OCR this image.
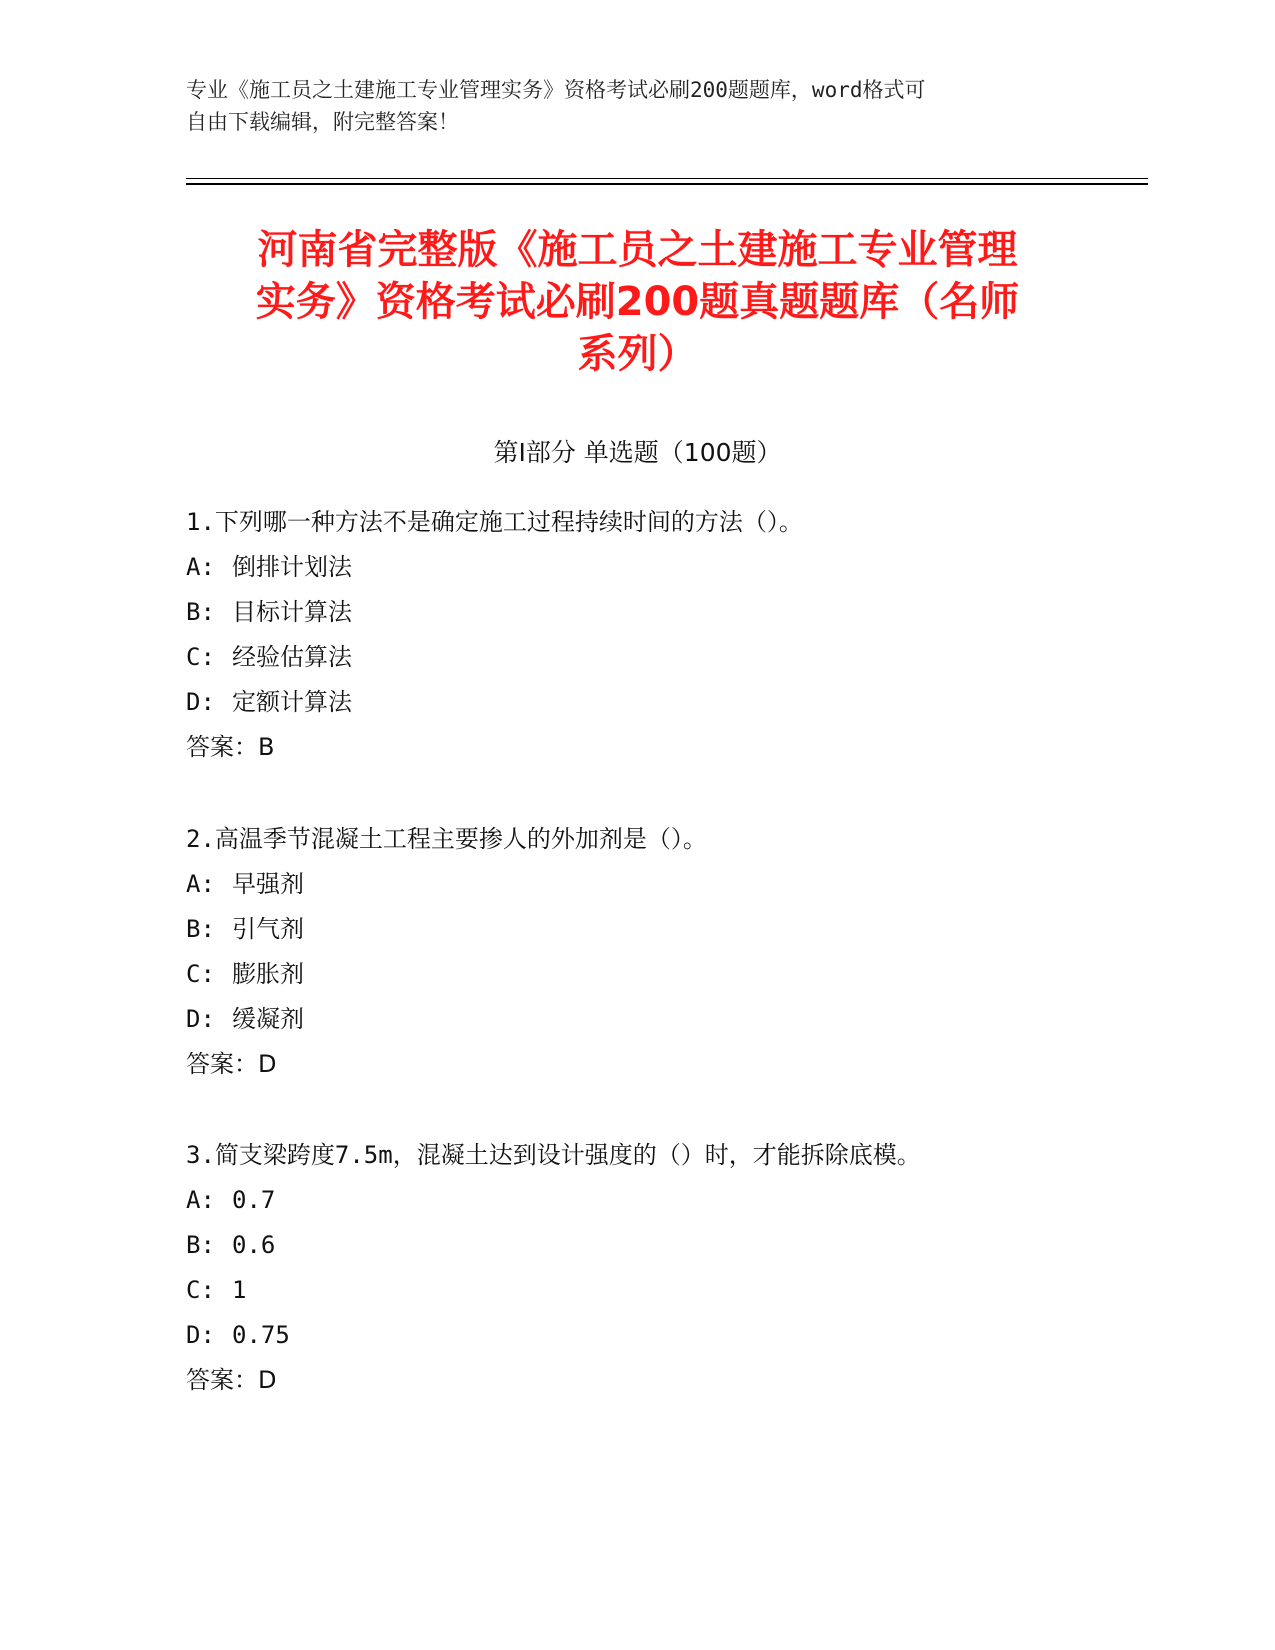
专业《施工员之土建施工专业管理实务》资格考试必刷200题题库，word格式可
自由下载编辑，附完整答案！
河南省完整版《施工员之土建施工专业管理
实务》资格考试必刷200题真题题库（名师
系列）
第Ⅰ部分 单选题（100题）
1.下列哪一种方法不是确定施工过程持续时间的方法（）。
A: 倒排计划法
B: 目标计算法
C: 经验估算法
D: 定额计算法
答案：B
2.高温季节混凝土工程主要掺人的外加剂是（）。
A: 早强剂
B: 引气剂
C: 膨胀剂
D: 缓凝剂
答案：D
3.简支梁跨度7.5m，混凝土达到设计强度的（）时，才能拆除底模。
A: 0.7
B: 0.6
C: 1
D: 0.75
答案：D
